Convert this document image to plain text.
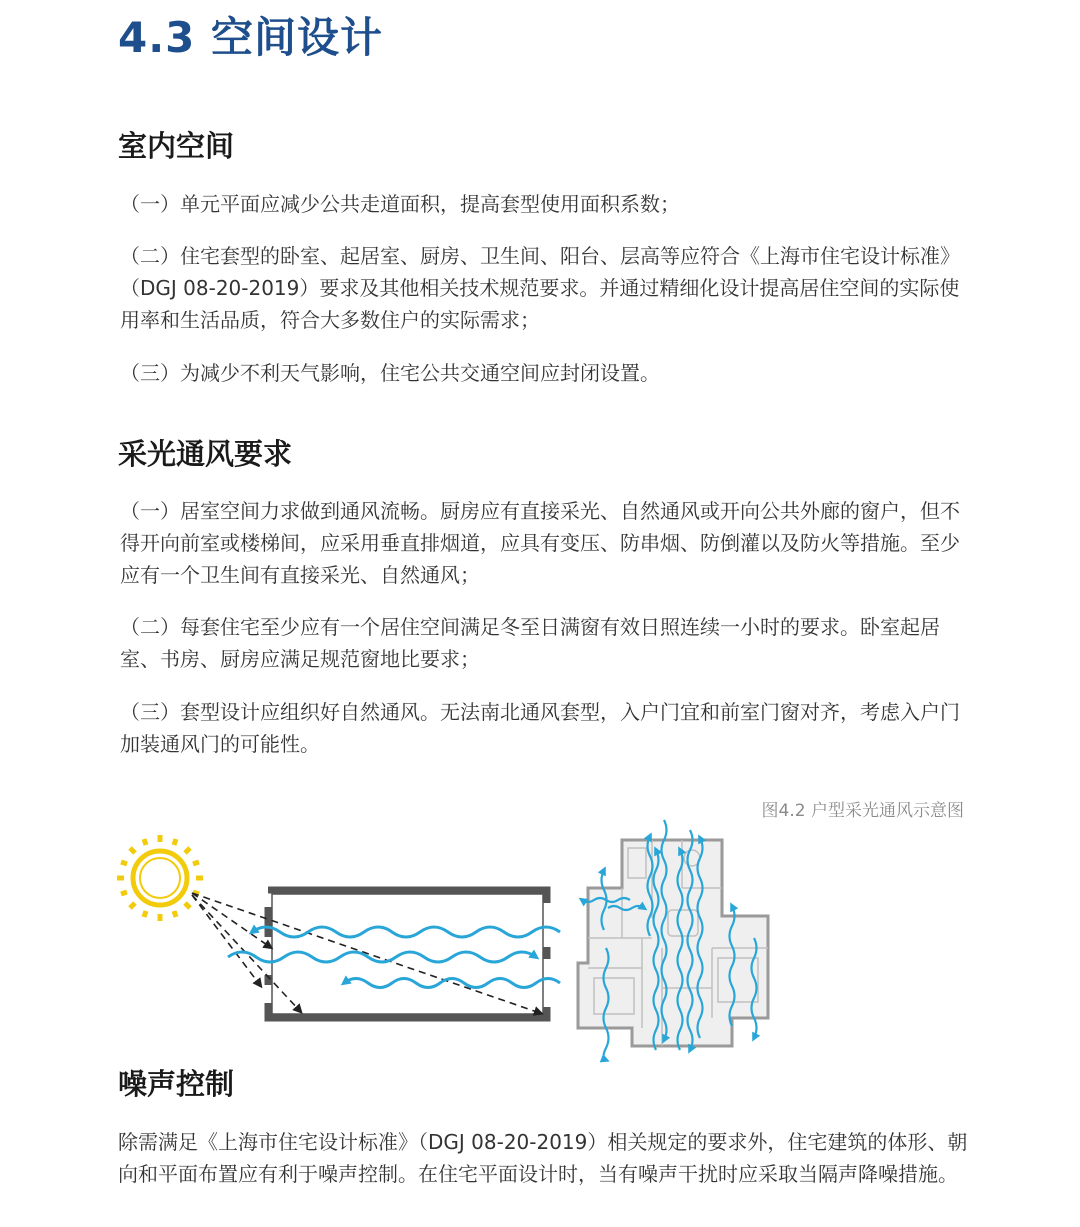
4.3 空间设计
室内空间
（一）单元平面应减少公共走道面积，提高套型使用面积系数；
（二）住宅套型的卧室、起居室、厨房、卫生间、阳台、层高等应符合《上海市住宅设计标准》（DGJ 08-20-2019）要求及其他相关技术规范要求。并通过精细化设计提高居住空间的实际使用率和生活品质，符合大多数住户的实际需求；
（三）为减少不利天气影响，住宅公共交通空间应封闭设置。
采光通风要求
（一）居室空间力求做到通风流畅。厨房应有直接采光、自然通风或开向公共外廊的窗户，但不得开向前室或楼梯间，应采用垂直排烟道，应具有变压、防串烟、防倒灌以及防火等措施。至少应有一个卫生间有直接采光、自然通风；
（二）每套住宅至少应有一个居住空间满足冬至日满窗有效日照连续一小时的要求。卧室起居室、书房、厨房应满足规范窗地比要求；
（三）套型设计应组织好自然通风。无法南北通风套型，入户门宜和前室门窗对齐，考虑入户门加装通风门的可能性。
图4.2 户型采光通风示意图
噪声控制
除需满足《上海市住宅设计标准》（DGJ 08-20-2019）相关规定的要求外，住宅建筑的体形、朝向和平面布置应有利于噪声控制。在住宅平面设计时，当有噪声干扰时应采取当隔声降噪措施。
